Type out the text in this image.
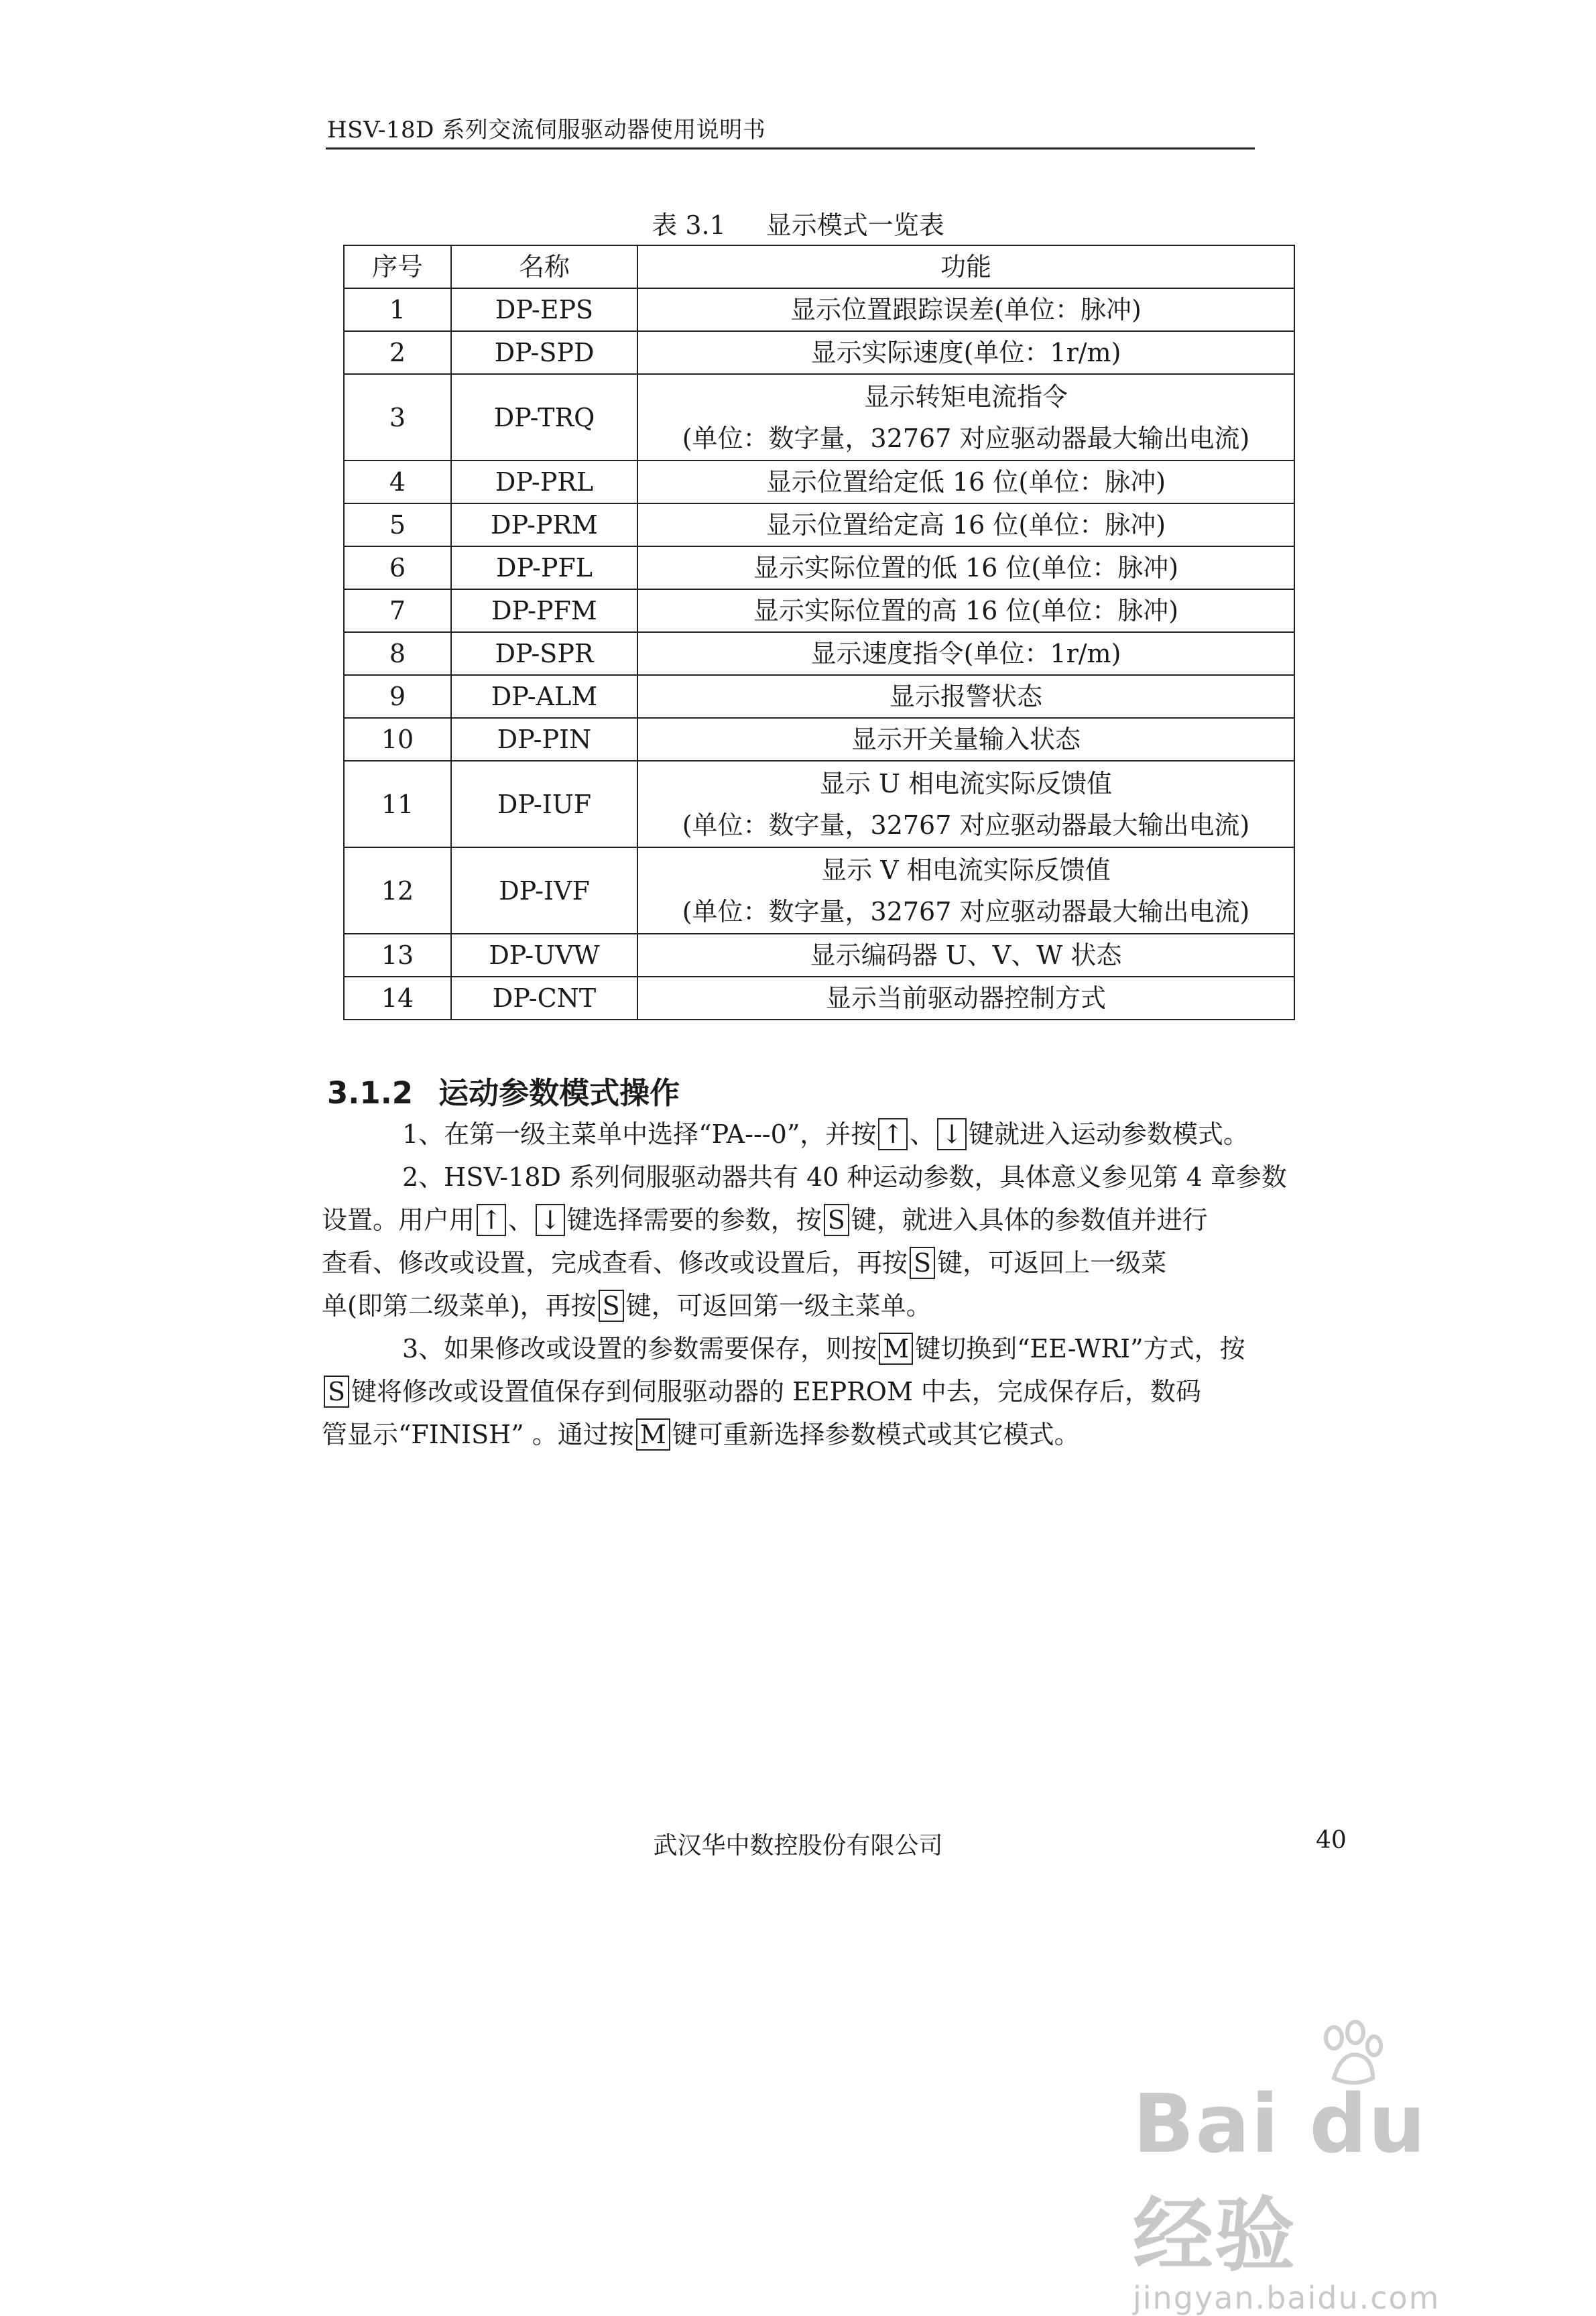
HSV-18D 系列交流伺服驱动器使用说明书
表 3.1 显示模式一览表
序号	名称	功能

1	DP-EPS	显示位置跟踪误差(单位：脉冲)

2	DP-SPD	显示实际速度(单位：1r/m)

3	DP-TRQ	显示转矩电流指令
(单位：数字量，32767 对应驱动器最大输出电流)

4	DP-PRL	显示位置给定低 16 位(单位：脉冲)

5	DP-PRM	显示位置给定高 16 位(单位：脉冲)

6	DP-PFL	显示实际位置的低 16 位(单位：脉冲)

7	DP-PFM	显示实际位置的高 16 位(单位：脉冲)

8	DP-SPR	显示速度指令(单位：1r/m)

9	DP-ALM	显示报警状态

10	DP-PIN	显示开关量输入状态

11	DP-IUF	显示 U 相电流实际反馈值
(单位：数字量，32767 对应驱动器最大输出电流)

12	DP-IVF	显示 V 相电流实际反馈值
(单位：数字量，32767 对应驱动器最大输出电流)

13	DP-UVW	显示编码器 U、V、W 状态

14	DP-CNT	显示当前驱动器控制方式
3.1.2 运动参数模式操作

1、在第一级主菜单中选择“PA---0”，并按 ↑ 、 ↓ 键就进入运动参数模式。

2、HSV-18D 系列伺服驱动器共有 40 种运动参数，具体意义参见第 4 章参数

设置。用户用 ↑ 、 ↓ 键选择需要的参数，按 S 键，就进入具体的参数值并进行

查看、修改或设置，完成查看、修改或设置后，再按 S 键，可返回上一级菜

单(即第二级菜单)，再按 S 键，可返回第一级主菜单。

3、如果修改或设置的参数需要保存，则按 M 键切换到“EE-WRI”方式，按

S 键将修改或设置值保存到伺服驱动器的 EEPROM 中去，完成保存后，数码

管显示“FINISH” 。通过按 M 键可重新选择参数模式或其它模式。

武汉华中数控股份有限公司	40
Bai du 经验
jingyan.baidu.com
